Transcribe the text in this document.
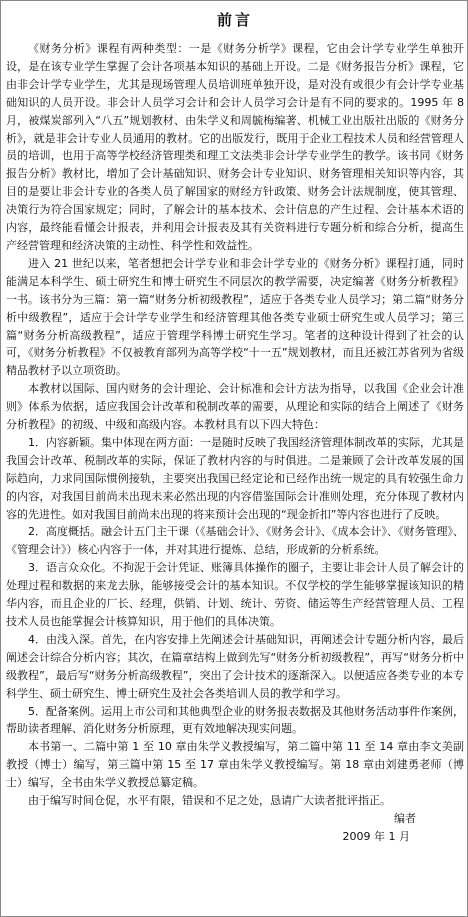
前言

《财务分析》课程有两种类型：一是《财务分析学》课程，它由会计学专业学生单独开设，是在该专业学生掌握了会计各项基本知识的基础上开设。二是《财务报告分析》课程，它由非会计学专业学生，尤其是现场管理人员培训班单独开设，是对没有或很少有会计学专业基础知识的人员开设。非会计人员学习会计和会计人员学习会计是有不同的要求的。1995 年 8 月，被煤炭部列入“八五”规划教材、由朱学义和周毓梅编著、机械工业出版社出版的《财务分析》，就是非会计专业人员通用的教材。它的出版发行，既用于企业工程技术人员和经营管理人员的培训，也用于高等学校经济管理类和理工文法类非会计学专业学生的教学。该书同《财务报告分析》教材比，增加了会计基础知识、财务会计专业知识、财务管理相关知识等内容，其目的是要让非会计专业的各类人员了解国家的财经方针政策、财务会计法规制度，使其管理、决策行为符合国家规定；同时，了解会计的基本技术、会计信息的产生过程、会计基本术语的内容，最终能看懂会计报表，并利用会计报表及其有关资料进行专题分析和综合分析，提高生产经营管理和经济决策的主动性、科学性和效益性。

进入 21 世纪以来，笔者想把会计学专业和非会计学专业的《财务分析》课程打通，同时能满足本科学生、硕士研究生和博士研究生不同层次的教学需要，决定编著《财务分析教程》一书。该书分为三篇：第一篇“财务分析初级教程”，适应于各类专业人员学习；第二篇“财务分析中级教程”，适应于会计学专业学生和经济管理其他各类专业硕士研究生或人员学习；第三篇“财务分析高级教程”，适应于管理学科博士研究生学习。笔者的这种设计得到了社会的认可，《财务分析教程》不仅被教育部列为高等学校“十一五”规划教材，而且还被江苏省列为省级精品教材予以立项资助。

本教材以国际、国内财务的会计理论、会计标准和会计方法为指导，以我国《企业会计准则》体系为依据，适应我国会计改革和税制改革的需要，从理论和实际的结合上阐述了《财务分析教程》的初级、中级和高级内容。本教材具有以下四大特色：

1．内容新颖。集中体现在两方面：一是随时反映了我国经济管理体制改革的实际，尤其是我国会计改革、税制改革的实际，保证了教材内容的与时俱进。二是兼顾了会计改革发展的国际趋向，力求同国际惯例接轨，主要突出我国已经定论和已经作出统一规定的具有较强生命力的内容，对我国目前尚未出现未来必然出现的内容借鉴国际会计准则处理，充分体现了教材内容的先进性。如对我国目前尚未出现的将来预计会出现的“现金折扣”等内容也进行了反映。

2．高度概括。融会计五门主干课（《基础会计》、《财务会计》、《成本会计》、《财务管理》、《管理会计》）核心内容于一体，并对其进行提炼、总结，形成新的分析系统。

3．语言众众化。不拘泥于会计凭证、账簿具体操作的圈子，主要让非会计人员了解会计的处理过程和数据的来龙去脉，能够接受会计的基本知识。不仅学校的学生能够掌握该知识的精华内容，而且企业的厂长、经理，供销、计划、统计、劳资、储运等生产经营管理人员、工程技术人员也能掌握会计核算知识，用于他们的具体决策。

4．由浅入深。首先，在内容安排上先阐述会计基础知识，再阐述会计专题分析内容，最后阐述会计综合分析内容；其次，在篇章结构上做到先写“财务分析初级教程”，再写“财务分析中级教程”，最后写“财务分析高级教程”，突出了会计技术的逐渐深入。以便适应各类专业的本专科学生、硕士研究生、博士研究生及社会各类培训人员的教学和学习。

5．配备案例。运用上市公司和其他典型企业的财务报表数据及其他财务活动事件作案例，帮助读者理解、消化财务分析原理，更有效地解决现实问题。

本书第一、二篇中第 1 至 10 章由朱学义教授编写，第二篇中第 11 至 14 章由李文美副教授（博士）编写，第三篇中第 15 至 17 章由朱学义教授编写。第 18 章由刘建勇老师（博士）编写，全书由朱学义教授总纂定稿。

由于编写时间仓促，水平有限，错误和不足之处，恳请广大读者批评指正。

编者

2009 年 1 月
